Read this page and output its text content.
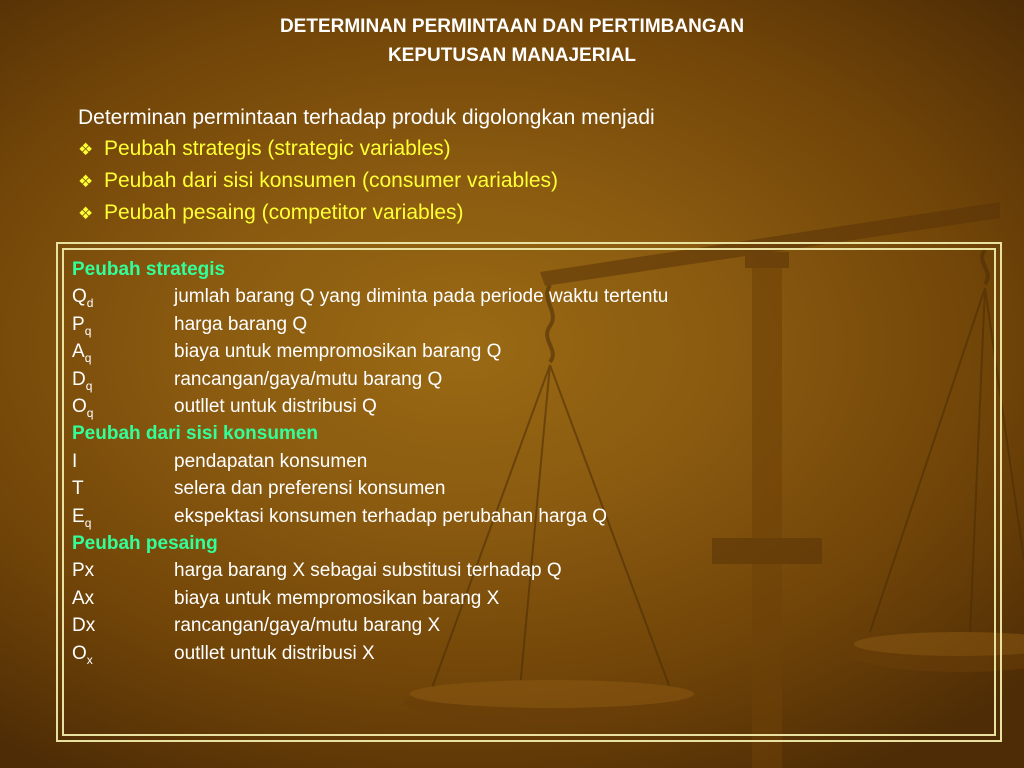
DETERMINAN PERMINTAAN DAN PERTIMBANGAN
KEPUTUSAN MANAJERIAL
Determinan permintaan terhadap produk digolongkan menjadi
❖ Peubah strategis (strategic variables)
❖ Peubah dari sisi konsumen (consumer variables)
❖ Peubah pesaing (competitor variables)
Peubah strategis
$Q_d$	jumlah barang Q yang diminta pada periode waktu tertentu
$P_q$	harga barang Q
$A_q$	biaya untuk mempromosikan barang Q
$D_q$	rancangan/gaya/mutu barang Q
$O_q$	outllet untuk distribusi Q
Peubah dari sisi konsumen
I	pendapatan konsumen
T	selera dan preferensi konsumen
$E_q$	ekspektasi konsumen terhadap perubahan harga Q
Peubah pesaing
Px	harga barang X sebagai substitusi terhadap Q
Ax	biaya untuk mempromosikan barang X
Dx	rancangan/gaya/mutu barang X
$O_x$	outllet untuk distribusi X
